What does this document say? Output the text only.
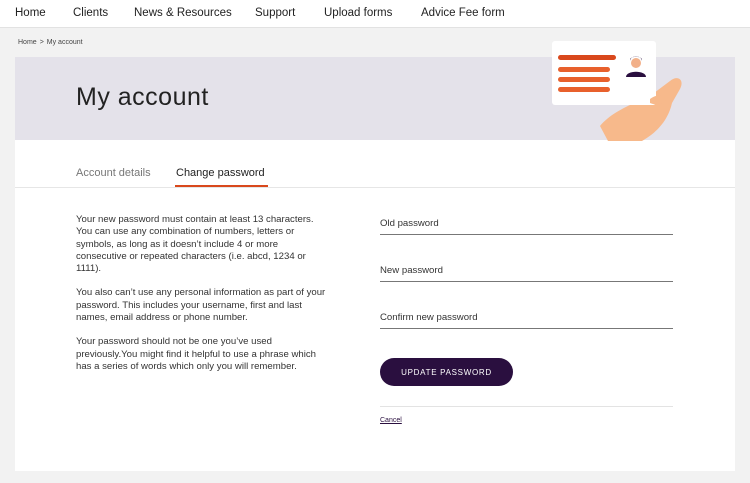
Home Clients News & Resources Support Upload forms Advice Fee form
Home > My account
My account
Account details Change password

Your new password must contain at least 13 characters. You can use any combination of numbers, letters or symbols, as long as it doesn’t include 4 or more consecutive or repeated characters (i.e. abcd, 1234 or 1111).

You also can’t use any personal information as part of your password. This includes your username, first and last names, email address or phone number.

Your password should not be one you’ve used previously.You might find it helpful to use a phrase which has a series of words which only you will remember.

UPDATE PASSWORD
Cancel
